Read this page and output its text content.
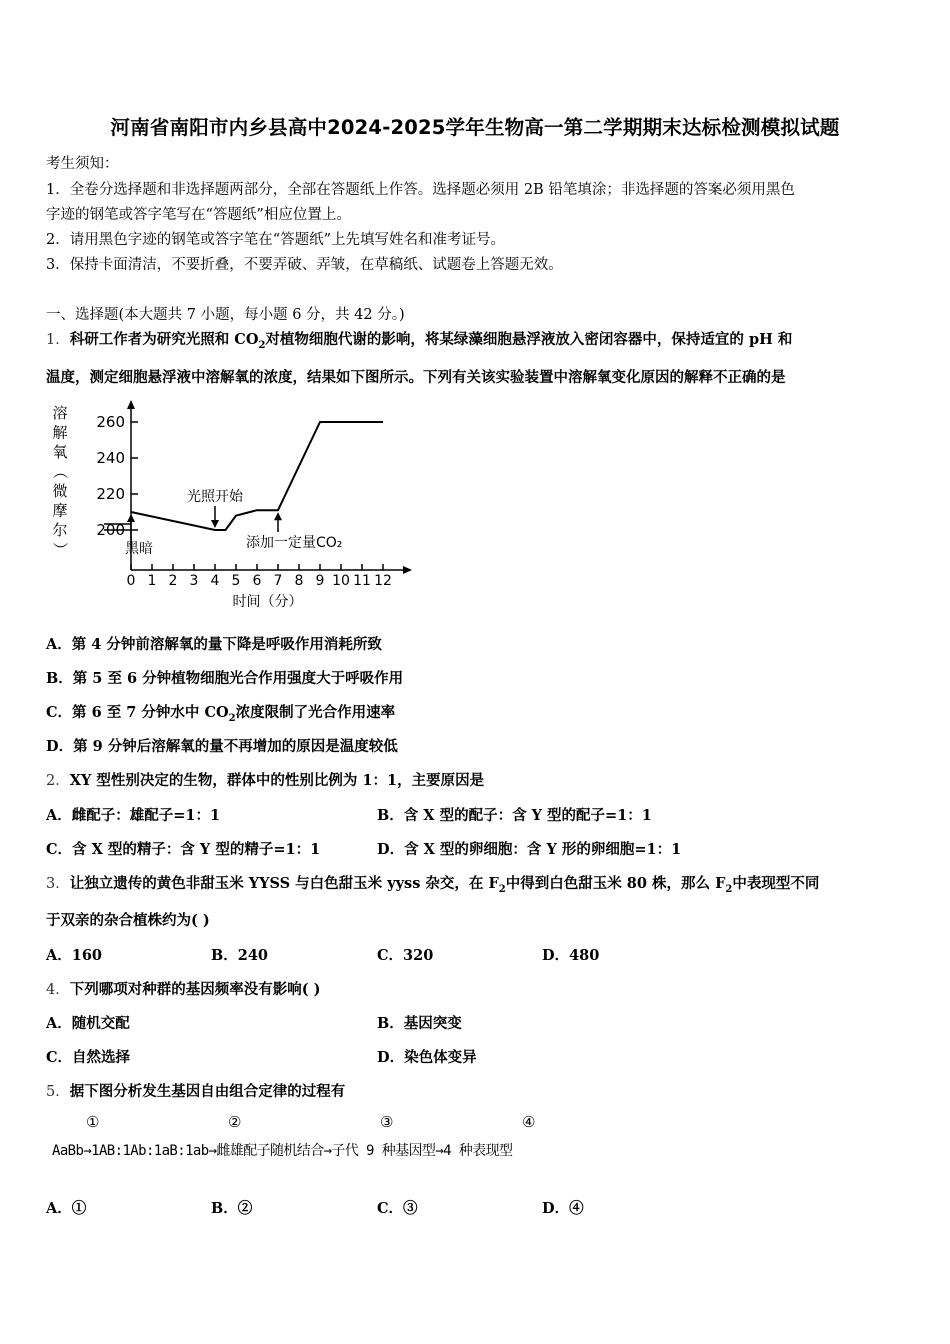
河南省南阳市内乡县高中2024-2025学年生物高一第二学期期末达标检测模拟试题
考生须知：
1．全卷分选择题和非选择题两部分，全部在答题纸上作答。选择题必须用 2B 铅笔填涂；非选择题的答案必须用黑色
字迹的钢笔或答字笔写在“答题纸”相应位置上。
2．请用黑色字迹的钢笔或答字笔在“答题纸”上先填写姓名和准考证号。
3．保持卡面清洁，不要折叠，不要弄破、弄皱，在草稿纸、试题卷上答题无效。
一、选择题(本大题共 7 小题，每小题 6 分，共 42 分。)
1．科研工作者为研究光照和 $CO_2$对植物细胞代谢的影响，将某绿藻细胞悬浮液放入密闭容器中，保持适宜的 pH 和
温度，测定细胞悬浮液中溶解氧的浓度，结果如下图所示。下列有关该实验装置中溶解氧变化原因的解释不正确的是
溶
解
氧
（
微
摩
尔
）
200
220
240
260
0 1 2 3 4 5 6 7 8 9 10 11 12
黑暗
光照开始
添加一定量CO₂
时间（分）
A．第 4 分钟前溶解氧的量下降是呼吸作用消耗所致
B．第 5 至 6 分钟植物细胞光合作用强度大于呼吸作用
C．第 6 至 7 分钟水中 $CO_2$浓度限制了光合作用速率
D．第 9 分钟后溶解氧的量不再增加的原因是温度较低
2．XY 型性别决定的生物，群体中的性别比例为 1：1，主要原因是
A．雌配子：雄配子=1：1	B．含 X 型的配子：含 Y 型的配子=1：1
C．含 X 型的精子：含 Y 型的精子=1：1	D．含 X 型的卵细胞：含 Y 形的卵细胞=1：1
3．让独立遗传的黄色非甜玉米 YYSS 与白色甜玉米 yyss 杂交，在 $F_2$中得到白色甜玉米 80 株，那么 $F_2$中表现型不同
于双亲的杂合植株约为( )
A．160	B．240	C．320	D．480
4．下列哪项对种群的基因频率没有影响( )
A．随机交配	B．基因突变
C．自然选择	D．染色体变异
5．据下图分析发生基因自由组合定律的过程有
①	②	③	④
AaBb→1AB:1Ab:1aB:1ab→雌雄配子随机结合→子代 9 种基因型→4 种表现型
A．①	B．②	C．③	D．④
